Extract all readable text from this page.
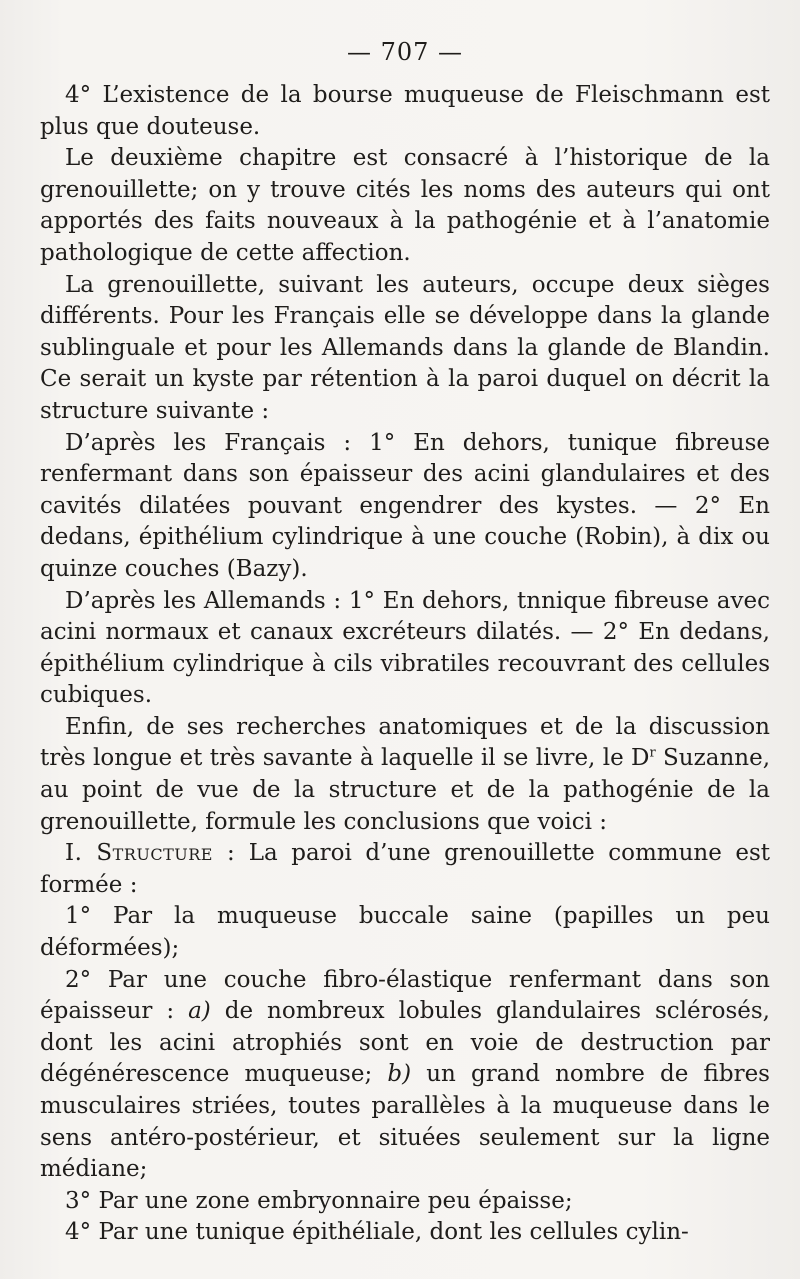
— 707 —

4° L’existence de la bourse muqueuse de Fleischmann est plus que douteuse.

Le deuxième chapitre est consacré à l’historique de la grenouillette; on y trouve cités les noms des auteurs qui ont apportés des faits nouveaux à la pathogénie et à l’anatomie pathologique de cette affection.

La grenouillette, suivant les auteurs, occupe deux sièges différents. Pour les Français elle se développe dans la glande sublinguale et pour les Allemands dans la glande de Blandin. Ce serait un kyste par rétention à la paroi duquel on décrit la structure suivante :

D’après les Français : 1° En dehors, tunique fibreuse renfermant dans son épaisseur des acini glandulaires et des cavités dilatées pouvant engendrer des kystes. — 2° En dedans, épithélium cylindrique à une couche (Robin), à dix ou quinze couches (Bazy).

D’après les Allemands : 1° En dehors, tnnique fibreuse avec acini normaux et canaux excréteurs dilatés. — 2° En dedans, épithélium cylindrique à cils vibratiles recouvrant des cellules cubiques.

Enfin, de ses recherches anatomiques et de la discussion très longue et très savante à laquelle il se livre, le $D^r$ Suzanne, au point de vue de la structure et de la pathogénie de la grenouillette, formule les conclusions que voici :

I. Structure : La paroi d’une grenouillette commune est formée :

1° Par la muqueuse buccale saine (papilles un peu déformées);

2° Par une couche fibro-élastique renfermant dans son épaisseur : a) de nombreux lobules glandulaires sclérosés, dont les acini atrophiés sont en voie de destruction par dégénérescence muqueuse; b) un grand nombre de fibres musculaires striées, toutes parallèles à la muqueuse dans le sens antéro-postérieur, et situées seulement sur la ligne médiane;

3° Par une zone embryonnaire peu épaisse;

4° Par une tunique épithéliale, dont les cellules cylin-
